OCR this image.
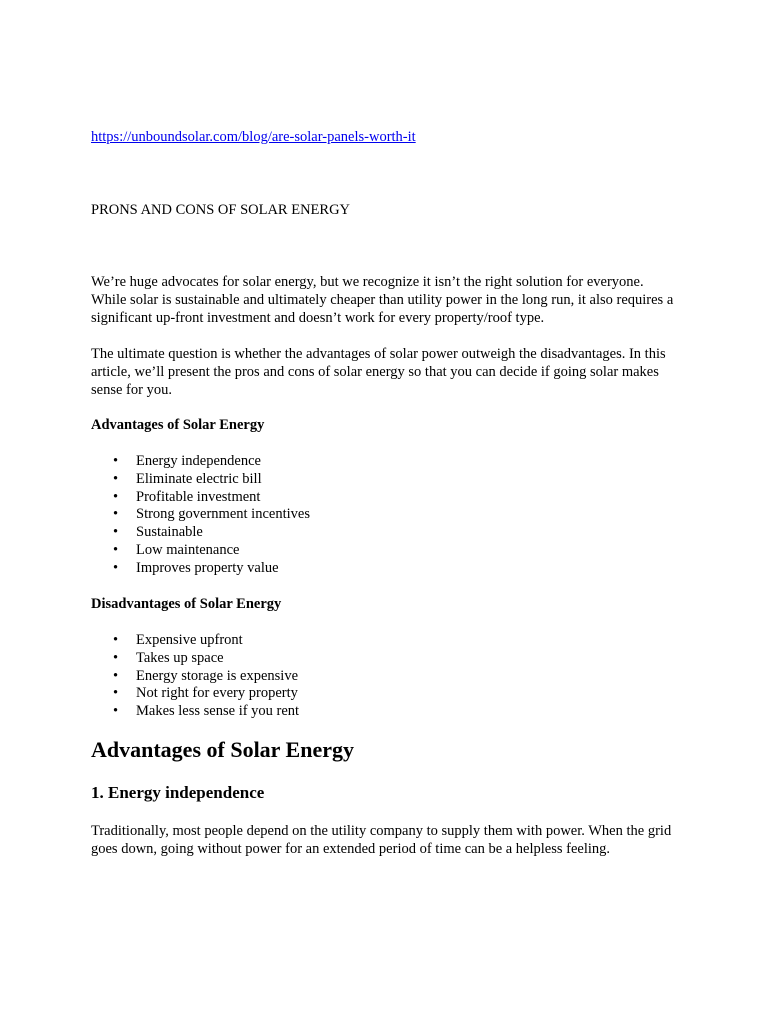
https://unboundsolar.com/blog/are-solar-panels-worth-it
PRONS AND CONS OF SOLAR ENERGY

We’re huge advocates for solar energy, but we recognize it isn’t the right solution for everyone. While solar is sustainable and ultimately cheaper than utility power in the long run, it also requires a significant up-front investment and doesn’t work for every property/roof type.

The ultimate question is whether the advantages of solar power outweigh the disadvantages. In this article, we’ll present the pros and cons of solar energy so that you can decide if going solar makes sense for you.

Advantages of Solar Energy
• Energy independence
• Eliminate electric bill
• Profitable investment
• Strong government incentives
• Sustainable
• Low maintenance
• Improves property value
Disadvantages of Solar Energy
• Expensive upfront
• Takes up space
• Energy storage is expensive
• Not right for every property
• Makes less sense if you rent
Advantages of Solar Energy
1. Energy independence

Traditionally, most people depend on the utility company to supply them with power. When the grid goes down, going without power for an extended period of time can be a helpless feeling.
